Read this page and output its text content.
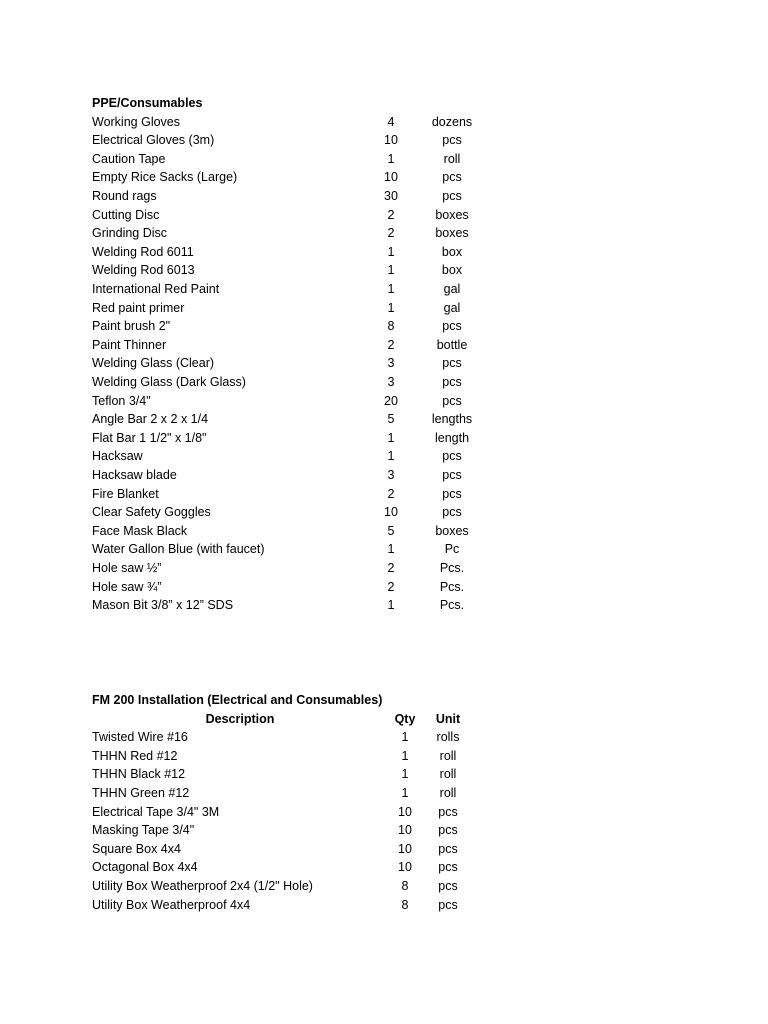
PPE/Consumables
Working Gloves	4	dozens
Electrical Gloves (3m)	10	pcs
Caution Tape	1	roll
Empty Rice Sacks (Large)	10	pcs
Round rags	30	pcs
Cutting Disc	2	boxes
Grinding Disc	2	boxes
Welding Rod 6011	1	box
Welding Rod 6013	1	box
International Red Paint	1	gal
Red paint primer	1	gal
Paint brush 2"	8	pcs
Paint Thinner	2	bottle
Welding Glass (Clear)	3	pcs
Welding Glass (Dark Glass)	3	pcs
Teflon 3/4"	20	pcs
Angle Bar 2 x 2 x 1/4	5	lengths
Flat Bar 1 1/2" x 1/8"	1	length
Hacksaw	1	pcs
Hacksaw blade	3	pcs
Fire Blanket	2	pcs
Clear Safety Goggles	10	pcs
Face Mask Black	5	boxes
Water Gallon Blue (with faucet)	1	Pc
Hole saw ½”	2	Pcs.
Hole saw ¾”	2	Pcs.
Mason Bit 3/8” x 12” SDS	1	Pcs.
FM 200 Installation (Electrical and Consumables)
Description	Qty	Unit
Twisted Wire #16	1	rolls
THHN Red #12	1	roll
THHN Black #12	1	roll
THHN Green #12	1	roll
Electrical Tape 3/4" 3M	10	pcs
Masking Tape 3/4"	10	pcs
Square Box 4x4	10	pcs
Octagonal Box 4x4	10	pcs
Utility Box Weatherproof 2x4 (1/2" Hole)	8	pcs
Utility Box Weatherproof 4x4	8	pcs
